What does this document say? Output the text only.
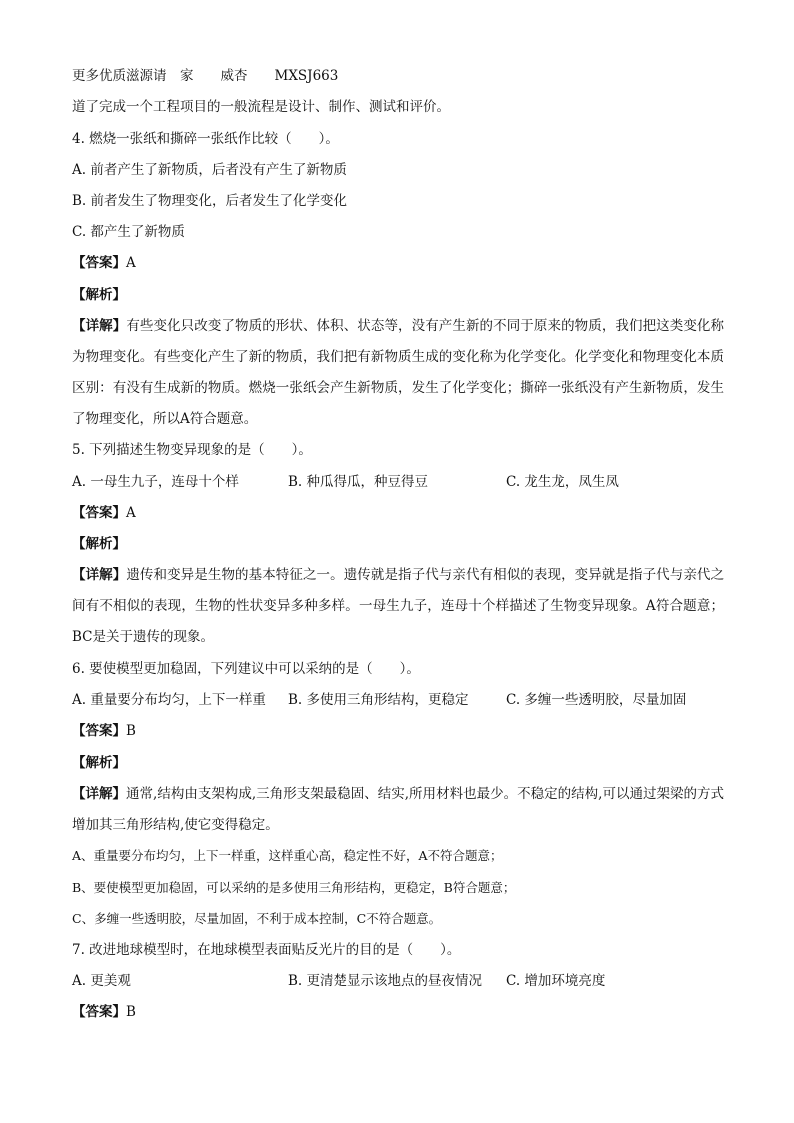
更多优质滋源请　家　　威杏　　MXSJ663
道了完成一个工程项目的一般流程是设计、制作、测试和评价。
4. 燃烧一张纸和撕碎一张纸作比较（　　）。
A. 前者产生了新物质，后者没有产生了新物质
B. 前者发生了物理变化，后者发生了化学变化
C. 都产生了新物质
【答案】A
【解析】
【详解】有些变化只改变了物质的形状、体积、状态等，没有产生新的不同于原来的物质，我们把这类变化称为物理变化。有些变化产生了新的物质，我们把有新物质生成的变化称为化学变化。化学变化和物理变化本质区别：有没有生成新的物质。燃烧一张纸会产生新物质，发生了化学变化；撕碎一张纸没有产生新物质，发生了物理变化，所以A符合题意。
5. 下列描述生物变异现象的是（　　）。
A. 一母生九子，连母十个样	B. 种瓜得瓜，种豆得豆	C. 龙生龙，凤生凤
【答案】A
【解析】
【详解】遗传和变异是生物的基本特征之一。遗传就是指子代与亲代有相似的表现，变异就是指子代与亲代之间有不相似的表现，生物的性状变异多种多样。一母生九子，连母十个样描述了生物变异现象。A符合题意；BC是关于遗传的现象。
6. 要使模型更加稳固，下列建议中可以采纳的是（　　）。
A. 重量要分布均匀，上下一样重 B. 多使用三角形结构，更稳定	C. 多缠一些透明胶，尽量加固
【答案】B
【解析】
【详解】通常,结构由支架构成,三角形支架最稳固、结实,所用材料也最少。不稳定的结构,可以通过架梁的方式增加其三角形结构,使它变得稳定。
A、重量要分布均匀，上下一样重，这样重心高，稳定性不好，A不符合题意；
B、要使模型更加稳固，可以采纳的是多使用三角形结构，更稳定，B符合题意；
C、多缠一些透明胶，尽量加固，不利于成本控制，C不符合题意。
7. 改进地球模型时，在地球模型表面贴反光片的目的是（　　）。
A. 更美观	B. 更清楚显示该地点的昼夜情况 C. 增加环境亮度
【答案】B
